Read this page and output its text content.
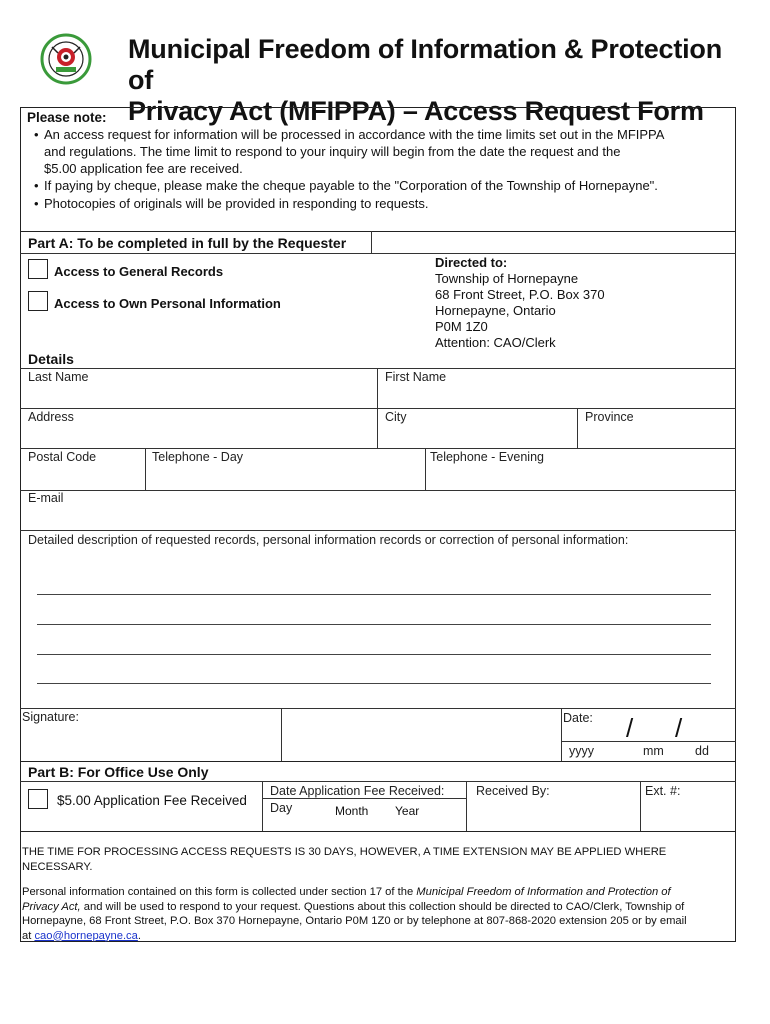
Municipal Freedom of Information & Protection of
Privacy Act (MFIPPA) – Access Request Form
Please note:
• An access request for information will be processed in accordance with the time limits set out in the MFIPPA
and regulations. The time limit to respond to your inquiry will begin from the date the request and the
$5.00 application fee are received.
• If paying by cheque, please make the cheque payable to the "Corporation of the Township of Hornepayne".
• Photocopies of originals will be provided in responding to requests.
Part A: To be completed in full by the Requester
Access to General Records
Access to Own Personal Information
Directed to:
Township of Hornepayne
68 Front Street, P.O. Box 370
Hornepayne, Ontario
P0M 1Z0
Attention: CAO/Clerk
Details
Last Name	First Name
Address	City	Province
Postal Code	Telephone - Day	Telephone - Evening
E-mail
Detailed description of requested records, personal information records or correction of personal information:
Signature:	Date: / /
yyyy	mm dd
Part B: For Office Use Only
$5.00 Application Fee Received
Date Application Fee Received:
Day	Month Year
Received By:	Ext. #:
THE TIME FOR PROCESSING ACCESS REQUESTS IS 30 DAYS, HOWEVER, A TIME EXTENSION MAY BE APPLIED WHERE
NECESSARY.
Personal information contained on this form is collected under section 17 of the Municipal Freedom of Information and Protection of
Privacy Act, and will be used to respond to your request. Questions about this collection should be directed to CAO/Clerk, Township of
Hornepayne, 68 Front Street, P.O. Box 370 Hornepayne, Ontario P0M 1Z0 or by telephone at 807-868-2020 extension 205 or by email
at cao@hornepayne.ca.
